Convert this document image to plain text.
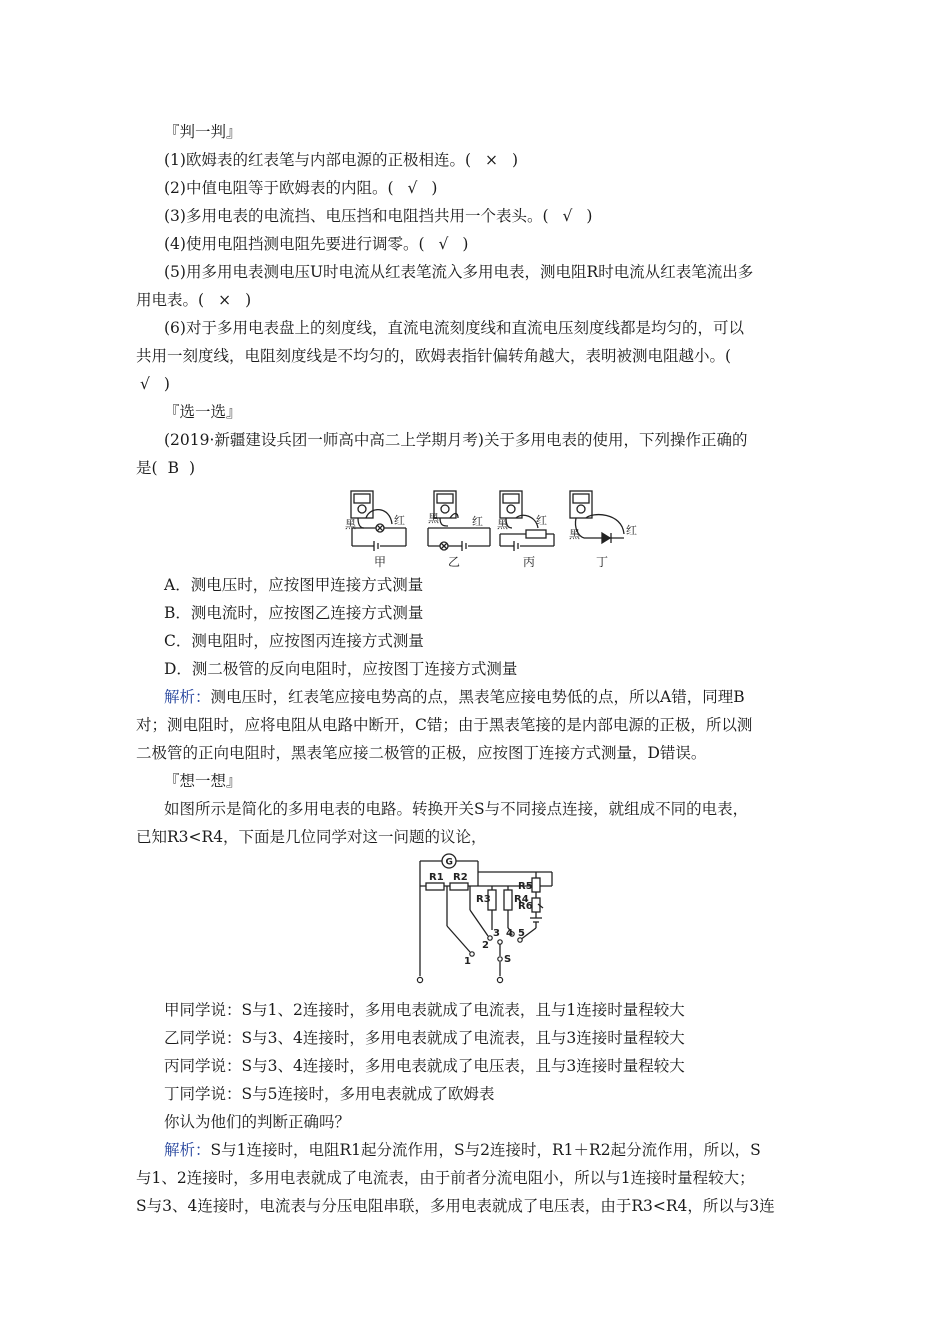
『判一判』
(1)欧姆表的红表笔与内部电源的正极相连。( × )
(2)中值电阻等于欧姆表的内阻。( √ )
(3)多用电表的电流挡、电压挡和电阻挡共用一个表头。( √ )
(4)使用电阻挡测电阻先要进行调零。( √ )
(5)用多用电表测电压U时电流从红表笔流入多用电表，测电阻R时电流从红表笔流出多
用电表。( × )
(6)对于多用电表盘上的刻度线，直流电流刻度线和直流电压刻度线都是均匀的，可以
共用一刻度线，电阻刻度线是不均匀的，欧姆表指针偏转角越大，表明被测电阻越小。(
√ )
『选一选』
(2019·新疆建设兵团一师高中高二上学期月考)关于多用电表的使用，下列操作正确的
是( B )
黑	红 黑	红 黑	红
黑	红
甲	乙	丙	丁
A．测电压时，应按图甲连接方式测量
B．测电流时，应按图乙连接方式测量
C．测电阻时，应按图丙连接方式测量
D．测二极管的反向电阻时，应按图丁连接方式测量
解析：测电压时，红表笔应接电势高的点，黑表笔应接电势低的点，所以A错，同理B
对；测电阻时，应将电阻从电路中断开，C错；由于黑表笔接的是内部电源的正极，所以测
二极管的正向电阻时，黑表笔应接二极管的正极，应按图丁连接方式测量，D错误。
『想一想』
如图所示是简化的多用电表的电路。转换开关S与不同接点连接，就组成不同的电表，
已知R3<R4，下面是几位同学对这一问题的议论，
G
R1 R2
R3 R4
R5
R6
1
2
3 4 5
S
甲同学说：S与1、2连接时，多用电表就成了电流表，且与1连接时量程较大
乙同学说：S与3、4连接时，多用电表就成了电流表，且与3连接时量程较大
丙同学说：S与3、4连接时，多用电表就成了电压表，且与3连接时量程较大
丁同学说：S与5连接时，多用电表就成了欧姆表
你认为他们的判断正确吗？
解析：S与1连接时，电阻R1起分流作用，S与2连接时，R1＋R2起分流作用，所以，S
与1、2连接时，多用电表就成了电流表，由于前者分流电阻小，所以与1连接时量程较大；
S与3、4连接时，电流表与分压电阻串联，多用电表就成了电压表，由于R3<R4，所以与3连
